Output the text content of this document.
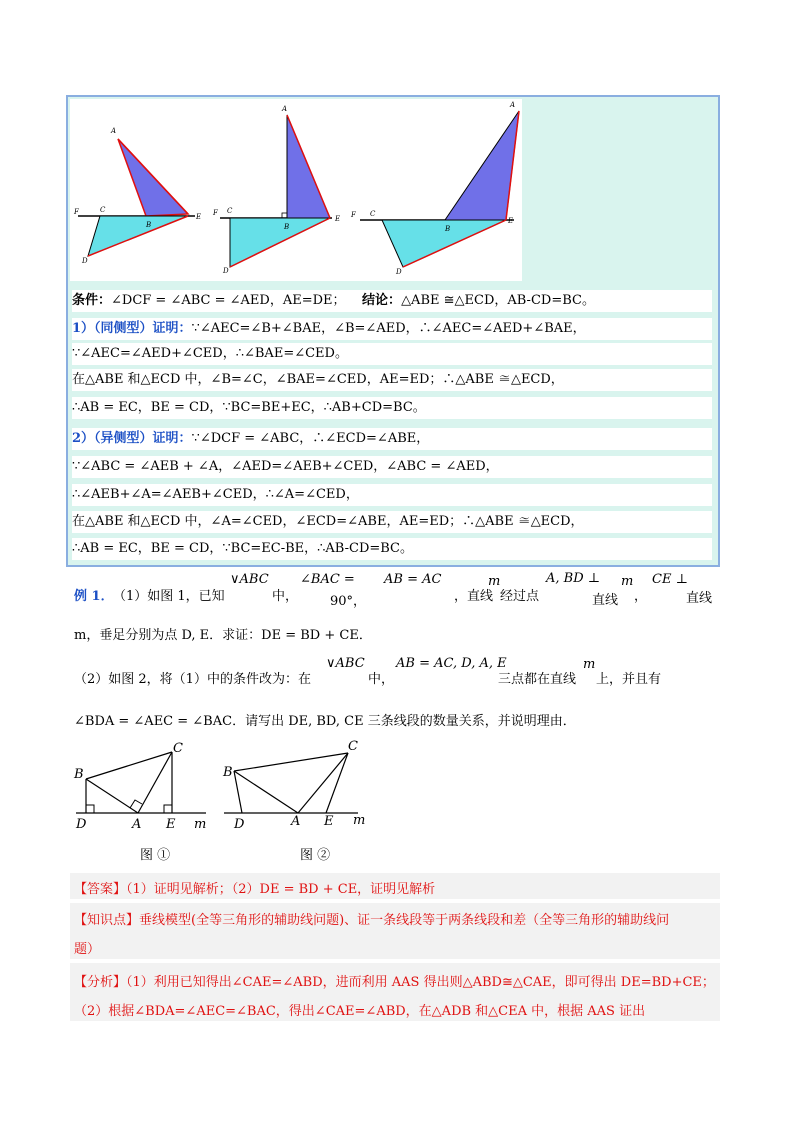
A
F	C
B
E
D
A
F C
B
E
D
A
F C
B
E
D
条件：∠DCF = ∠ABC = ∠AED，AE=DE； 结论：△ABE ≅△ECD，AB-CD=BC。
1）（同侧型）证明：∵∠AEC=∠B+∠BAE，∠B=∠AED，∴∠AEC=∠AED+∠BAE，
∵∠AEC=∠AED+∠CED，∴∠BAE=∠CED。
在△ABE 和△ECD 中，∠B=∠C，∠BAE=∠CED，AE=ED；∴△ABE ≅△ECD，
∴AB = EC，BE = CD，∵BC=BE+EC，∴AB+CD=BC。
2）（异侧型）证明：∵∠DCF = ∠ABC，∴∠ECD=∠ABE，
∵∠ABC = ∠AEB + ∠A，∠AED=∠AEB+∠CED，∠ABC = ∠AED，
∴∠AEB+∠A=∠AEB+∠CED，∴∠A=∠CED，
在△ABE 和△ECD 中，∠A=∠CED，∠ECD=∠ABE，AE=ED；∴△ABE ≅△ECD，
∴AB = EC，BE = CD，∵BC=EC-BE，∴AB-CD=BC。
例 1． （1）如图 1，已知
∨ABC
中，
∠BAC =
90°，
AB = AC
，直线
m
经过点
A, BD ⊥
直线
m
，
CE ⊥
直线
m，垂足分别为点 D, E．求证：DE = BD + CE．
（2）如图 2，将（1）中的条件改为：在
∨ABC
中，
AB = AC, D, A, E
三点都在直线
m
上，并且有
∠BDA = ∠AEC = ∠BAC．请写出 DE, BD, CE 三条线段的数量关系，并说明理由．
C
B
D	A E m
图 ①
C
B
D	A E m
图 ②
【答案】（1）证明见解析；（2）DE = BD + CE，证明见解析
【知识点】垂线模型(全等三角形的辅助线问题)、证一条线段等于两条线段和差（全等三角形的辅助线问
题）
【分析】（1）利用已知得出∠CAE=∠ABD，进而利用 AAS 得出则△ABD≅△CAE，即可得出 DE=BD+CE；
（2）根据∠BDA=∠AEC=∠BAC，得出∠CAE=∠ABD，在△ADB 和△CEA 中，根据 AAS 证出
